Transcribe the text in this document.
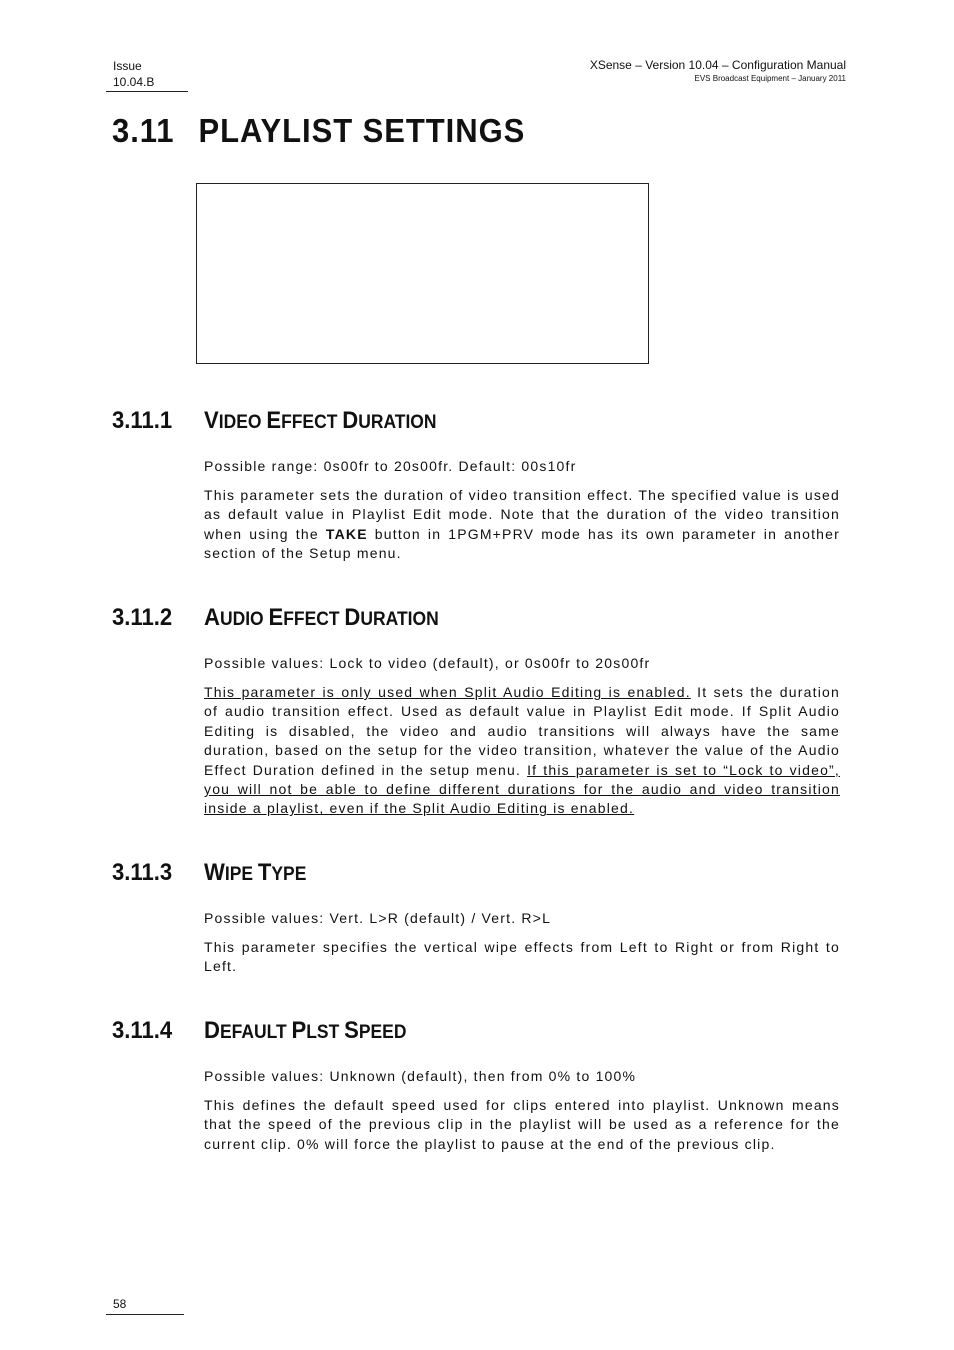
Issue
10.04.B
XSense – Version 10.04 – Configuration Manual
EVS Broadcast Equipment – January 2011
3.11 PLAYLIST SETTINGS
3.11.1 VIDEO EFFECT DURATION
Possible range: 0s00fr to 20s00fr. Default: 00s10fr
This parameter sets the duration of video transition effect. The specified value is used as default value in Playlist Edit mode. Note that the duration of the video transition when using the TAKE button in 1PGM+PRV mode has its own parameter in another section of the Setup menu.
3.11.2 AUDIO EFFECT DURATION
Possible values: Lock to video (default), or 0s00fr to 20s00fr
This parameter is only used when Split Audio Editing is enabled. It sets the duration of audio transition effect. Used as default value in Playlist Edit mode. If Split Audio Editing is disabled, the video and audio transitions will always have the same duration, based on the setup for the video transition, whatever the value of the Audio Effect Duration defined in the setup menu. If this parameter is set to “Lock to video”, you will not be able to define different durations for the audio and video transition inside a playlist, even if the Split Audio Editing is enabled.
3.11.3 WIPE TYPE
Possible values: Vert. L>R (default) / Vert. R>L
This parameter specifies the vertical wipe effects from Left to Right or from Right to Left.
3.11.4 DEFAULT PLST SPEED
Possible values: Unknown (default), then from 0% to 100%
This defines the default speed used for clips entered into playlist. Unknown means that the speed of the previous clip in the playlist will be used as a reference for the current clip. 0% will force the playlist to pause at the end of the previous clip.
58
